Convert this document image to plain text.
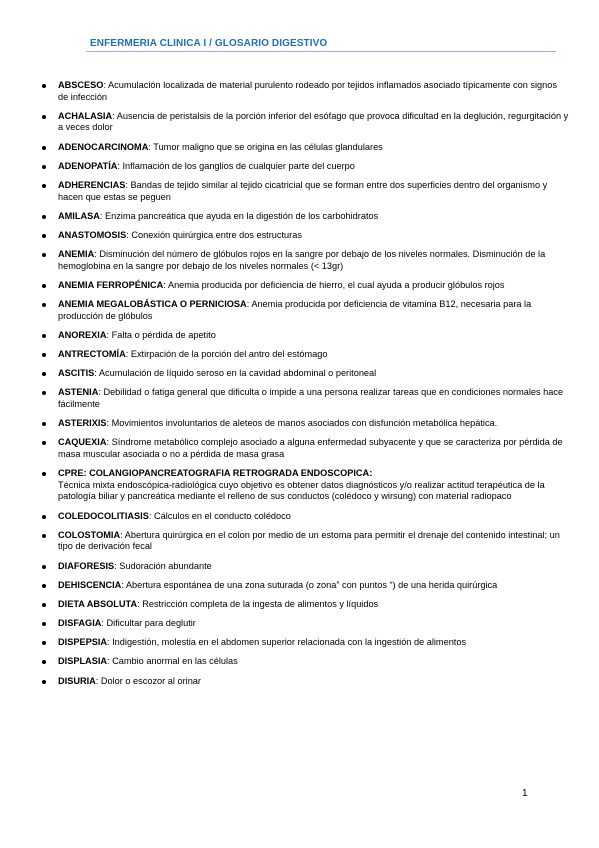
ENFERMERIA CLINICA I / GLOSARIO DIGESTIVO
ABSCESO: Acumulación localizada de material purulento rodeado por tejidos inflamados asociado típicamente con signos de infección
ACHALASIA: Ausencia de peristalsis de la porción inferior del esófago que provoca dificultad en la deglución, regurgitación y a veces dolor
ADENOCARCINOMA: Tumor maligno que se origina en las células glandulares
ADENOPATÍA: Inflamación de los ganglios de cualquier parte del cuerpo
ADHERENCIAS: Bandas de tejido similar al tejido cicatricial que se forman entre dos superficies dentro del organismo y hacen que estas se peguen
AMILASA: Enzima pancreática que ayuda en la digestión de los carbohidratos
ANASTOMOSIS: Conexión quirúrgica entre dos estructuras
ANEMIA: Disminución del número de glóbulos rojos en la sangre por debajo de los niveles normales. Disminución de la hemoglobina en la sangre por debajo de los niveles normales (< 13gr)
ANEMIA FERROPÉNICA: Anemia producida por deficiencia de hierro, el cual ayuda a producir glóbulos rojos
ANEMIA MEGALOBÁSTICA O PERNICIOSA: Anemia producida por deficiencia de vitamina B12, necesaria para la producción de glóbulos
ANOREXIA: Falta o pérdida de apetito
ANTRECTOMÍA: Extirpación de la porción del antro del estómago
ASCITIS: Acumulación de líquido seroso en la cavidad abdominal o peritoneal
ASTENIA: Debilidad o fatiga general que dificulta o impide a una persona realizar tareas que en condiciones normales hace fácilmente
ASTERIXIS: Movimientos involuntarios de aleteos de manos asociados con disfunción metabólica hepática.
CAQUEXIA: Síndrome metabólico complejo asociado a alguna enfermedad subyacente y que se caracteriza por pérdida de masa muscular asociada o no a pérdida de masa grasa
CPRE: COLANGIOPANCREATOGRAFIA RETROGRADA ENDOSCOPICA:
Técnica mixta endoscópica-radiológica cuyo objetivo es obtener datos diagnósticos y/o realizar actitud terapéutica de la patología biliar y pancreática mediante el relleno de sus conductos (colédoco y wirsung) con material radiopaco
COLEDOCOLITIASIS: Cálculos en el conducto colédoco
COLOSTOMIA: Abertura quirúrgica en el colon por medio de un estoma para permitir el drenaje del contenido intestinal; un tipo de derivación fecal
DIAFORESIS: Sudoración abundante
DEHISCENCIA: Abertura espontánea de una zona suturada (o zona” con puntos “) de una herida quirúrgica
DIETA ABSOLUTA: Restricción completa de la ingesta de alimentos y líquidos
DISFAGIA: Dificultar para deglutir
DISPEPSIA: Indigestión, molestia en el abdomen superior relacionada con la ingestión de alimentos
DISPLASIA: Cambio anormal en las células
DISURIA: Dolor o escozor al orinar
1
